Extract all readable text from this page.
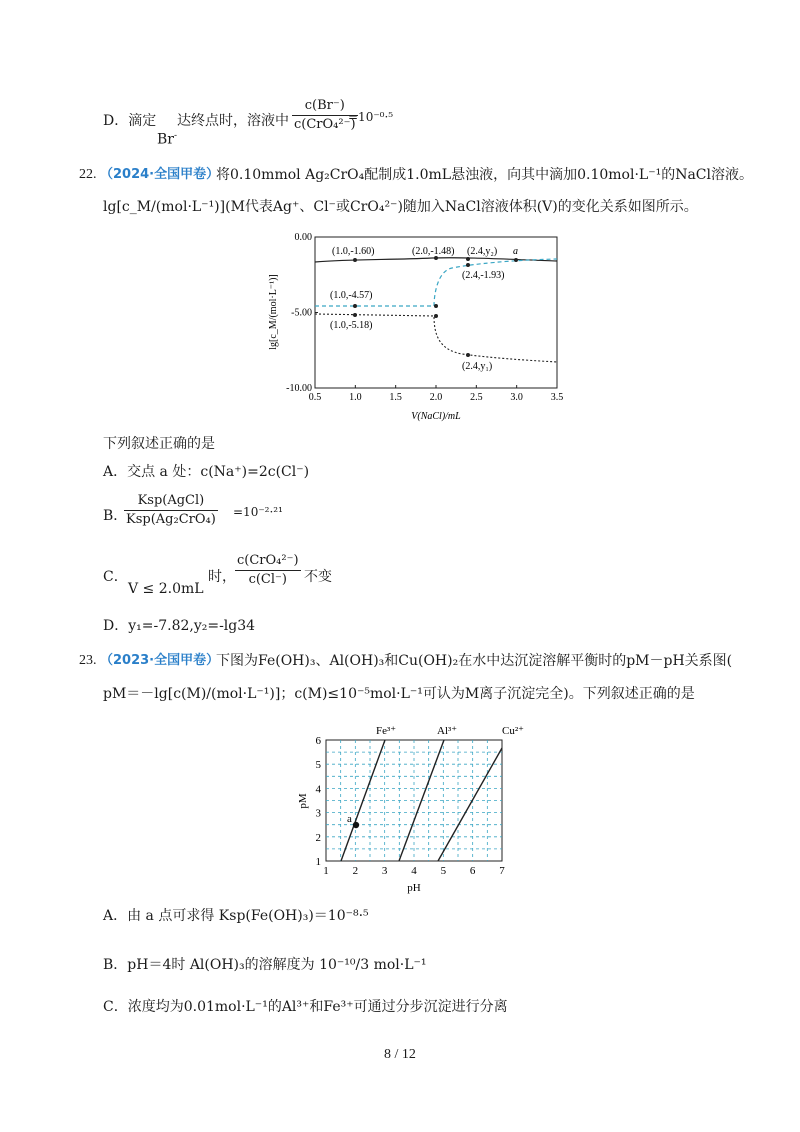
D．滴定
Br-
达终点时，溶液中 $\frac{c(Br^-)}{\text{c(CrO₄²⁻)}}$
=10⁻⁰·⁵
22. （2024·全国甲卷）
将0.10mmol Ag₂CrO₄配制成1.0mL悬浊液，向其中滴加0.10mol·L⁻¹的NaCl溶液。
lg[c_M/(mol·L⁻¹)](M代表Ag⁺、Cl⁻或CrO₄²⁻)随加入NaCl溶液体积(V)的变化关系如图所示。
0.00
-5.00
-10.00
0.5	1.0	1.5	2.0	2.5	3.0	3.5
(1.0,-1.60)	(2.0,-1.48) (2.4,y₂) a
(2.4,-1.93)
(1.0,-4.57)
(1.0,-5.18)
(2.4,y₁)
V(NaCl)/mL
lg[c_M/(mol·L⁻¹)]
下列叙述正确的是
A．交点 a 处：c(Na⁺)=2c(Cl⁻)
B．
$\frac{\text{Ksp(AgCl)}}{\text{Ksp(Ag₂CrO₄)}} =10^{-2}\cdot^{21}$
C．
V ≤ 2.0mL
时， $\frac{\text{c(CrO₄²⁻)}}{c(Cl^-)}$ 不变
D．y₁=-7.82,y₂=-lg34
23. （2023·全国甲卷）
下图为Fe(OH)₃、Al(OH)₃和Cu(OH)₂在水中达沉淀溶解平衡时的pM－pH关系图(
pM＝－lg[c(M)/(mol·L⁻¹)]；c(M)≤10⁻⁵mol·L⁻¹可认为M离子沉淀完全)。下列叙述正确的是
1 2 3 4 5 6 7
1
2
3
4
5
6
a
Fe³⁺	Al³⁺	Cu²⁺
pH
pM
A．由 a 点可求得 Ksp(Fe(OH)₃)＝10⁻⁸·⁵
B．pH＝4时 Al(OH)₃的溶解度为 10⁻¹⁰/3 mol·L⁻¹
C．浓度均为0.01mol·L⁻¹的Al³⁺和Fe³⁺可通过分步沉淀进行分离
8 / 12
